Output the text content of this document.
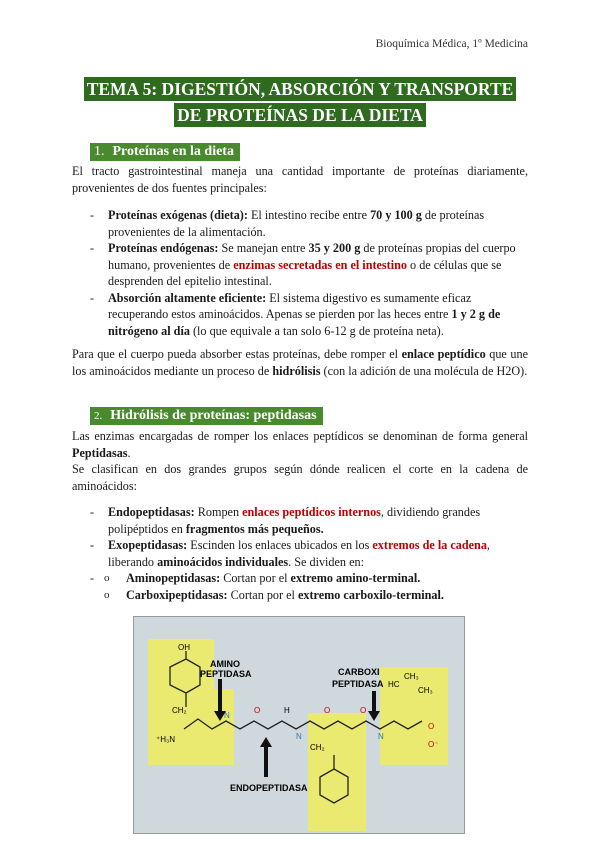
Bioquímica Médica, 1º Medicina
TEMA 5: DIGESTIÓN, ABSORCIÓN Y TRANSPORTE
DE PROTEÍNAS DE LA DIETA
1. Proteínas en la dieta
El tracto gastrointestinal maneja una cantidad importante de proteínas diariamente, provenientes de dos fuentes principales:
- Proteínas exógenas (dieta): El intestino recibe entre 70 y 100 g de proteínas provenientes de la alimentación.
- Proteínas endógenas: Se manejan entre 35 y 200 g de proteínas propias del cuerpo humano, provenientes de enzimas secretadas en el intestino o de células que se desprenden del epitelio intestinal.
- Absorción altamente eficiente: El sistema digestivo es sumamente eficaz recuperando estos aminoácidos. Apenas se pierden por las heces entre 1 y 2 g de nitrógeno al día (lo que equivale a tan solo 6-12 g de proteína neta).
Para que el cuerpo pueda absorber estas proteínas, debe romper el enlace peptídico que une los aminoácidos mediante un proceso de hidrólisis (con la adición de una molécula de H2O).
2. Hidrólisis de proteínas: peptidasas
Las enzimas encargadas de romper los enlaces peptídicos se denominan de forma general Peptidasas.
Se clasifican en dos grandes grupos según dónde realicen el corte en la cadena de aminoácidos:
- Endopeptidasas: Rompen enlaces peptídicos internos, dividiendo grandes polipéptidos en fragmentos más pequeños.
- Exopeptidasas: Escinden los enlaces ubicados en los extremos de la cadena, liberando aminoácidos individuales. Se dividen en:
o - Aminopeptidasas: Cortan por el extremo amino-terminal.
o Carboxipeptidasas: Cortan por el extremo carboxilo-terminal.
OH
⁺H₃N
CH₂
N
O	H
N
O	O
CH₂
N
O
O⁻
HC
CH₃
CH₃
AMINO
PEPTIDASA	CARBOXI
PEPTIDASA
ENDOPEPTIDASA
